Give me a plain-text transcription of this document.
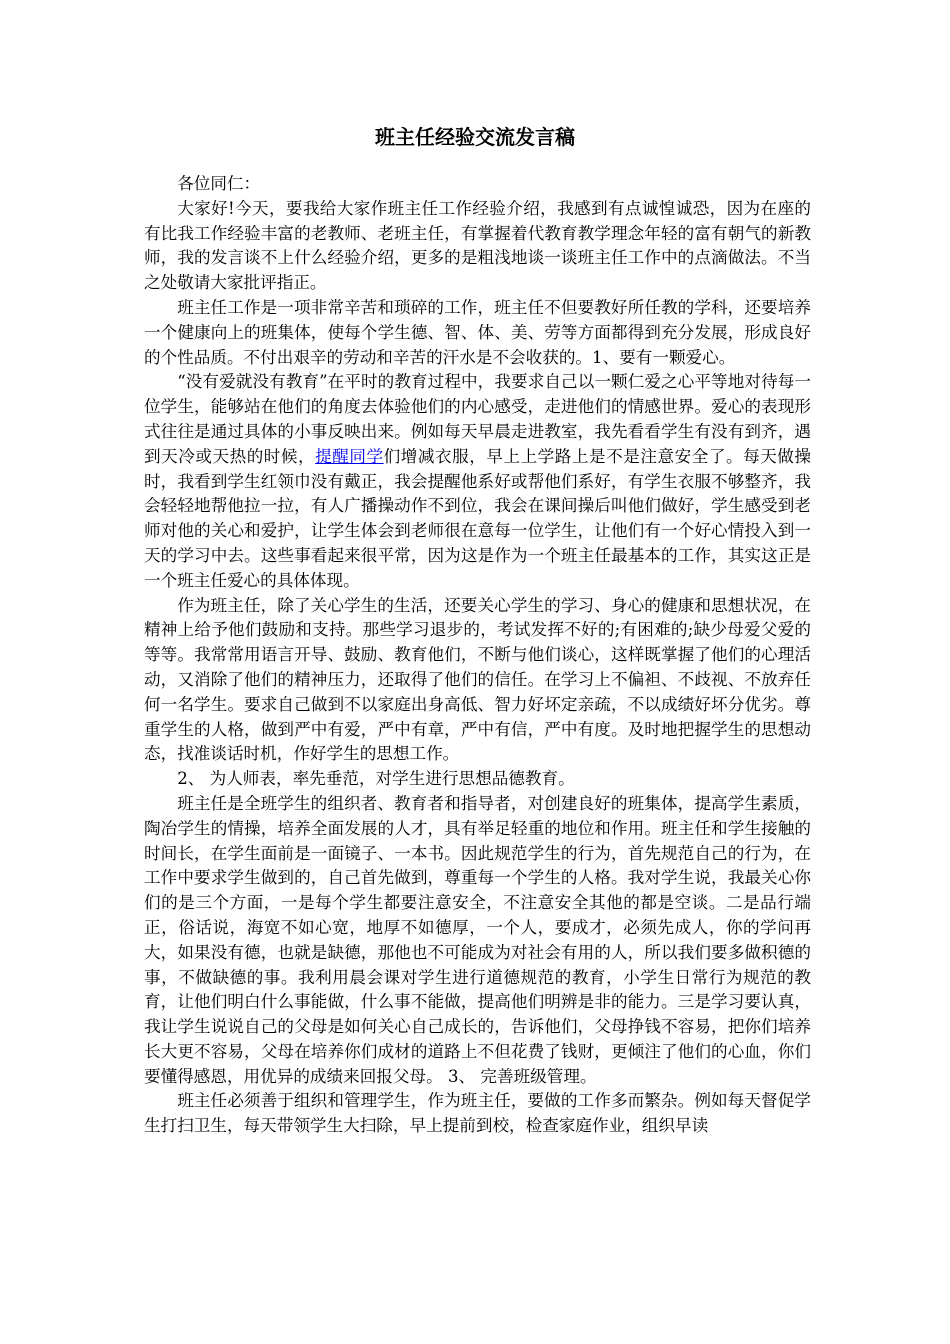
班主任经验交流发言稿

各位同仁：

大家好!今天，要我给大家作班主任工作经验介绍，我感到有点诚惶诚恐，因为在座的有比我工作经验丰富的老教师、老班主任，有掌握着代教育教学理念年轻的富有朝气的新教师，我的发言谈不上什么经验介绍，更多的是粗浅地谈一谈班主任工作中的点滴做法。不当之处敬请大家批评指正。

班主任工作是一项非常辛苦和琐碎的工作，班主任不但要教好所任教的学科，还要培养一个健康向上的班集体，使每个学生德、智、体、美、劳等方面都得到充分发展，形成良好的个性品质。不付出艰辛的劳动和辛苦的汗水是不会收获的。1、要有一颗爱心。

“没有爱就没有教育”在平时的教育过程中，我要求自己以一颗仁爱之心平等地对待每一位学生，能够站在他们的角度去体验他们的内心感受，走进他们的情感世界。爱心的表现形式往往是通过具体的小事反映出来。例如每天早晨走进教室，我先看看学生有没有到齐，遇到天冷或天热的时候，提醒同学们增减衣服，早上上学路上是不是注意安全了。每天做操时，我看到学生红领巾没有戴正，我会提醒他系好或帮他们系好，有学生衣服不够整齐，我会轻轻地帮他拉一拉，有人广播操动作不到位，我会在课间操后叫他们做好，学生感受到老师对他的关心和爱护，让学生体会到老师很在意每一位学生，让他们有一个好心情投入到一天的学习中去。这些事看起来很平常，因为这是作为一个班主任最基本的工作，其实这正是一个班主任爱心的具体体现。

作为班主任，除了关心学生的生活，还要关心学生的学习、身心的健康和思想状况，在精神上给予他们鼓励和支持。那些学习退步的，考试发挥不好的;有困难的;缺少母爱父爱的等等。我常常用语言开导、鼓励、教育他们，不断与他们谈心，这样既掌握了他们的心理活动，又消除了他们的精神压力，还取得了他们的信任。在学习上不偏袒、不歧视、不放弃任何一名学生。要求自己做到不以家庭出身高低、智力好坏定亲疏，不以成绩好坏分优劣。尊重学生的人格，做到严中有爱，严中有章，严中有信，严中有度。及时地把握学生的思想动态，找准谈话时机，作好学生的思想工作。

2、 为人师表，率先垂范，对学生进行思想品德教育。

班主任是全班学生的组织者、教育者和指导者，对创建良好的班集体，提高学生素质，陶冶学生的情操，培养全面发展的人才，具有举足轻重的地位和作用。班主任和学生接触的时间长，在学生面前是一面镜子、一本书。因此规范学生的行为，首先规范自己的行为，在工作中要求学生做到的，自己首先做到，尊重每一个学生的人格。我对学生说，我最关心你们的是三个方面，一是每个学生都要注意安全，不注意安全其他的都是空谈。二是品行端正，俗话说，海宽不如心宽，地厚不如德厚，一个人，要成才，必须先成人，你的学问再大，如果没有德，也就是缺德，那他也不可能成为对社会有用的人，所以我们要多做积德的事，不做缺德的事。我利用晨会课对学生进行道德规范的教育，小学生日常行为规范的教育，让他们明白什么事能做，什么事不能做，提高他们明辨是非的能力。三是学习要认真，我让学生说说自己的父母是如何关心自己成长的，告诉他们，父母挣钱不容易，把你们培养长大更不容易，父母在培养你们成材的道路上不但花费了钱财，更倾注了他们的心血，你们要懂得感恩，用优异的成绩来回报父母。 3、 完善班级管理。

班主任必须善于组织和管理学生，作为班主任，要做的工作多而繁杂。例如每天督促学生打扫卫生，每天带领学生大扫除，早上提前到校，检查家庭作业，组织早读
